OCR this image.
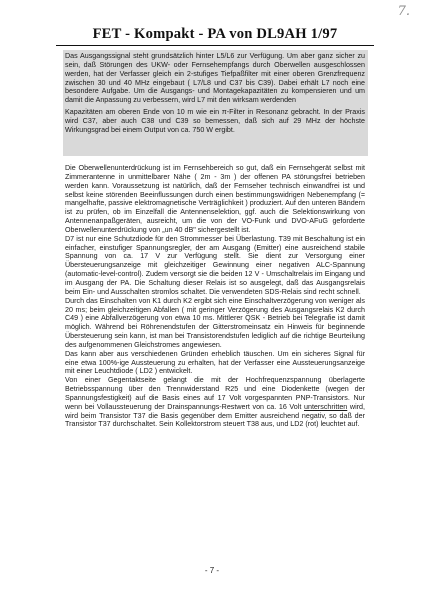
7.
FET - Kompakt - PA von DL9AH 1/97

Das Ausgangssignal steht grundsätzlich hinter L5/L6 zur Verfügung. Um aber ganz sicher zu sein, daß Störungen des UKW- oder Fernsehempfangs durch Oberwellen ausgeschlossen werden, hat der Verfasser gleich ein 2-stufiges Tiefpaßfilter mit einer oberen Grenzfrequenz zwischen 30 und 40 MHz eingebaut ( L7/L8 und C37 bis C39). Dabei erhält L7 noch eine besondere Aufgabe. Um die Ausgangs- und Montagekapazitäten zu kompensieren und um damit die Anpassung zu verbessern, wird L7 mit den wirksam werdenden

Kapazitäten am oberen Ende von 10 m wie ein π-Filter in Resonanz gebracht. In der Praxis wird C37, aber auch C38 und C39 so bemessen, daß sich auf 29 MHz der höchste Wirkungsgrad bei einem Output von ca. 750 W ergibt.

Die Oberwellenunterdrückung ist im Fernsehbereich so gut, daß ein Fernsehgerät selbst mit Zimmerantenne in unmittelbarer Nähe ( 2m - 3m ) der offenen PA störungsfrei betrieben werden kann. Voraussetzung ist natürlich, daß der Fernseher technisch einwandfrei ist und selbst keine störenden Beeinflussungen durch einen bestimmungswidrigen Nebenempfang (= mangelhafte, passive elektromagnetische Verträglichkeit ) produziert. Auf den unteren Bändern ist zu prüfen, ob im Einzelfall die Antennenselektion, ggf. auch die Selektionswirkung von Antennenanpaßgeräten, ausreicht, um die von der VO-Funk und DVO-AFuG geforderte Oberwellenunterdrückung von „un 40 dB" sichergestellt ist.
D7 ist nur eine Schutzdiode für den Strommesser bei Überlastung. T39 mit Beschaltung ist ein einfacher, einstufiger Spannungsregler, der am Ausgang (Emitter) eine ausreichend stabile Spannung von ca. 17 V zur Verfügung stellt. Sie dient zur Versorgung einer Übersteuerungsanzeige mit gleichzeitiger Gewinnung einer negativen ALC-Spannung (automatic-level-control). Zudem versorgt sie die beiden 12 V - Umschaltrelais im Eingang und im Ausgang der PA. Die Schaltung dieser Relais ist so ausgelegt, daß das Ausgangsrelais beim Ein- und Ausschalten stromlos schaltet. Die verwendeten SDS-Relais sind recht schnell.
Durch das Einschalten von K1 durch K2 ergibt sich eine Einschaltverzögerung von weniger als 20 ms; beim gleichzeitigen Abfallen ( mit geringer Verzögerung des Ausgangsrelais K2 durch C49 ) eine Abfallverzögerung von etwa 10 ms. Mittlerer QSK - Betrieb bei Telegrafie ist damit möglich. Während bei Röhrenendstufen der Gitterstromeinsatz ein Hinweis für beginnende Übersteuerung sein kann, ist man bei Transistorendstufen lediglich auf die richtige Beurteilung des aufgenommenen Gleichstromes angewiesen.
Das kann aber aus verschiedenen Gründen erheblich täuschen. Um ein sicheres Signal für eine etwa 100%-ige Aussteuerung zu erhalten, hat der Verfasser eine Aussteuerungsanzeige mit einer Leuchtdiode ( LD2 ) entwickelt.
Von einer Gegentaktseite gelangt die mit der Hochfrequenzspannung überlagerte Betriebsspannung über den Trennwiderstand R25 und eine Diodenkette (wegen der Spannungsfestigkeit) auf die Basis eines auf 17 Volt vorgespannten PNP-Transistors. Nur wenn bei Vollaussteuerung der Drainspannungs-Restwert von ca. 16 Volt unterschritten wird, wird beim Transistor T37 die Basis gegenüber dem Emitter ausreichend negativ, so daß der Transistor T37 durchschaltet. Sein Kollektorstrom steuert T38 aus, und LD2 (rot) leuchtet auf.

- 7 -
